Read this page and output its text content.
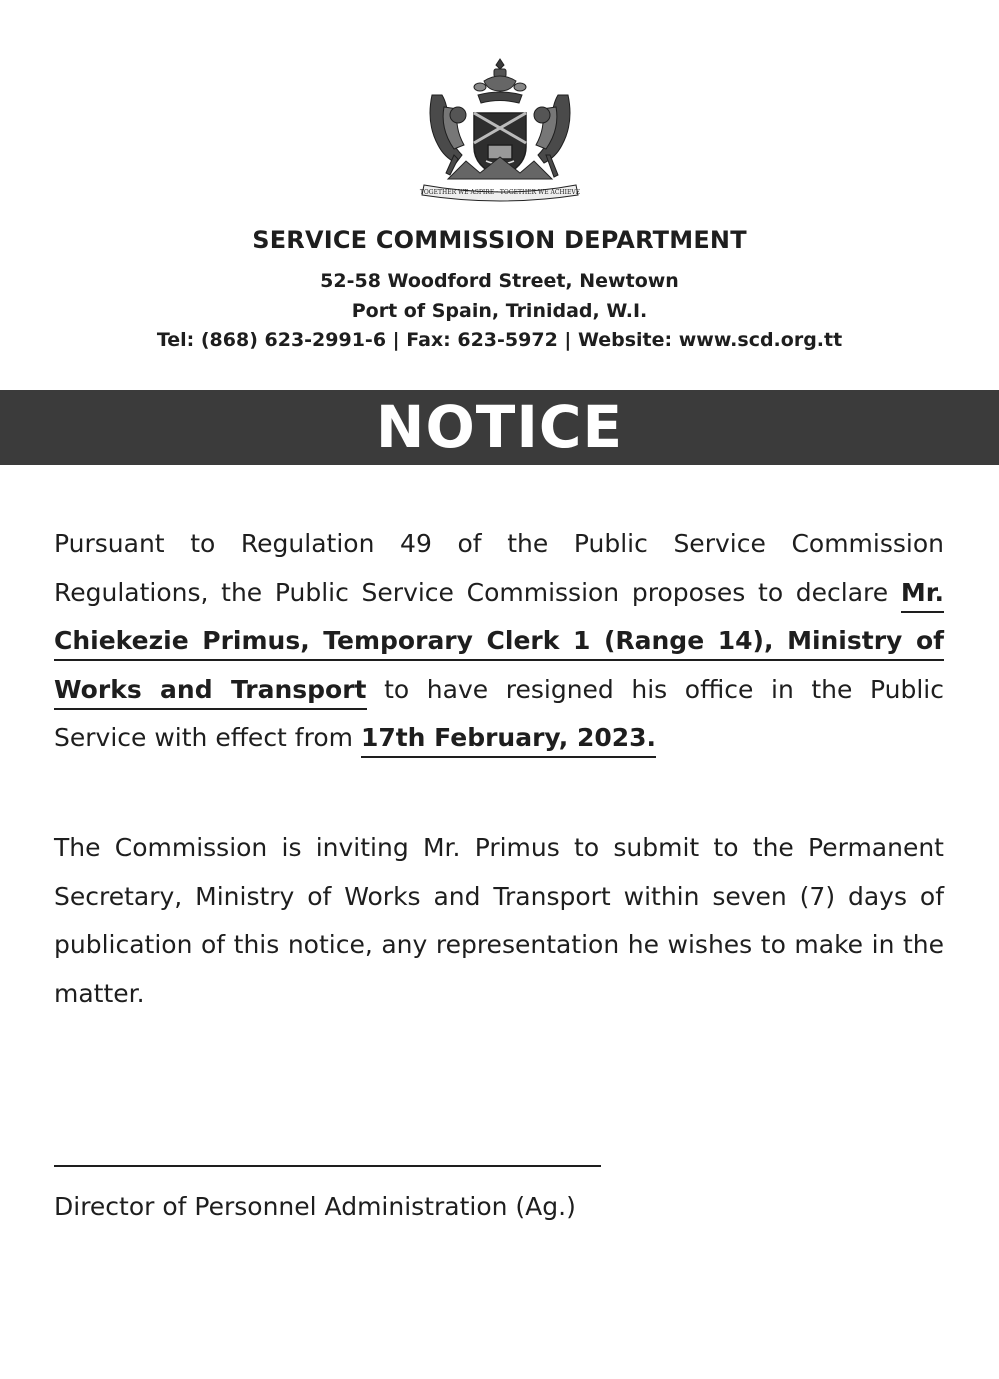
TOGETHER WE ASPIRE · TOGETHER WE ACHIEVE
SERVICE COMMISSION DEPARTMENT
52-58 Woodford Street, Newtown
Port of Spain, Trinidad, W.I.
Tel: (868) 623-2991-6 | Fax: 623-5972 | Website: www.scd.org.tt
NOTICE

Pursuant to Regulation 49 of the Public Service Commission Regulations, the Public Service Commission proposes to declare Mr. Chiekezie Primus, Temporary Clerk 1 (Range 14), Ministry of Works and Transport to have resigned his office in the Public Service with effect from 17th February, 2023.

The Commission is inviting Mr. Primus to submit to the Permanent Secretary, Ministry of Works and Transport within seven (7) days of publication of this notice, any representation he wishes to make in the matter.

Director of Personnel Administration (Ag.)
